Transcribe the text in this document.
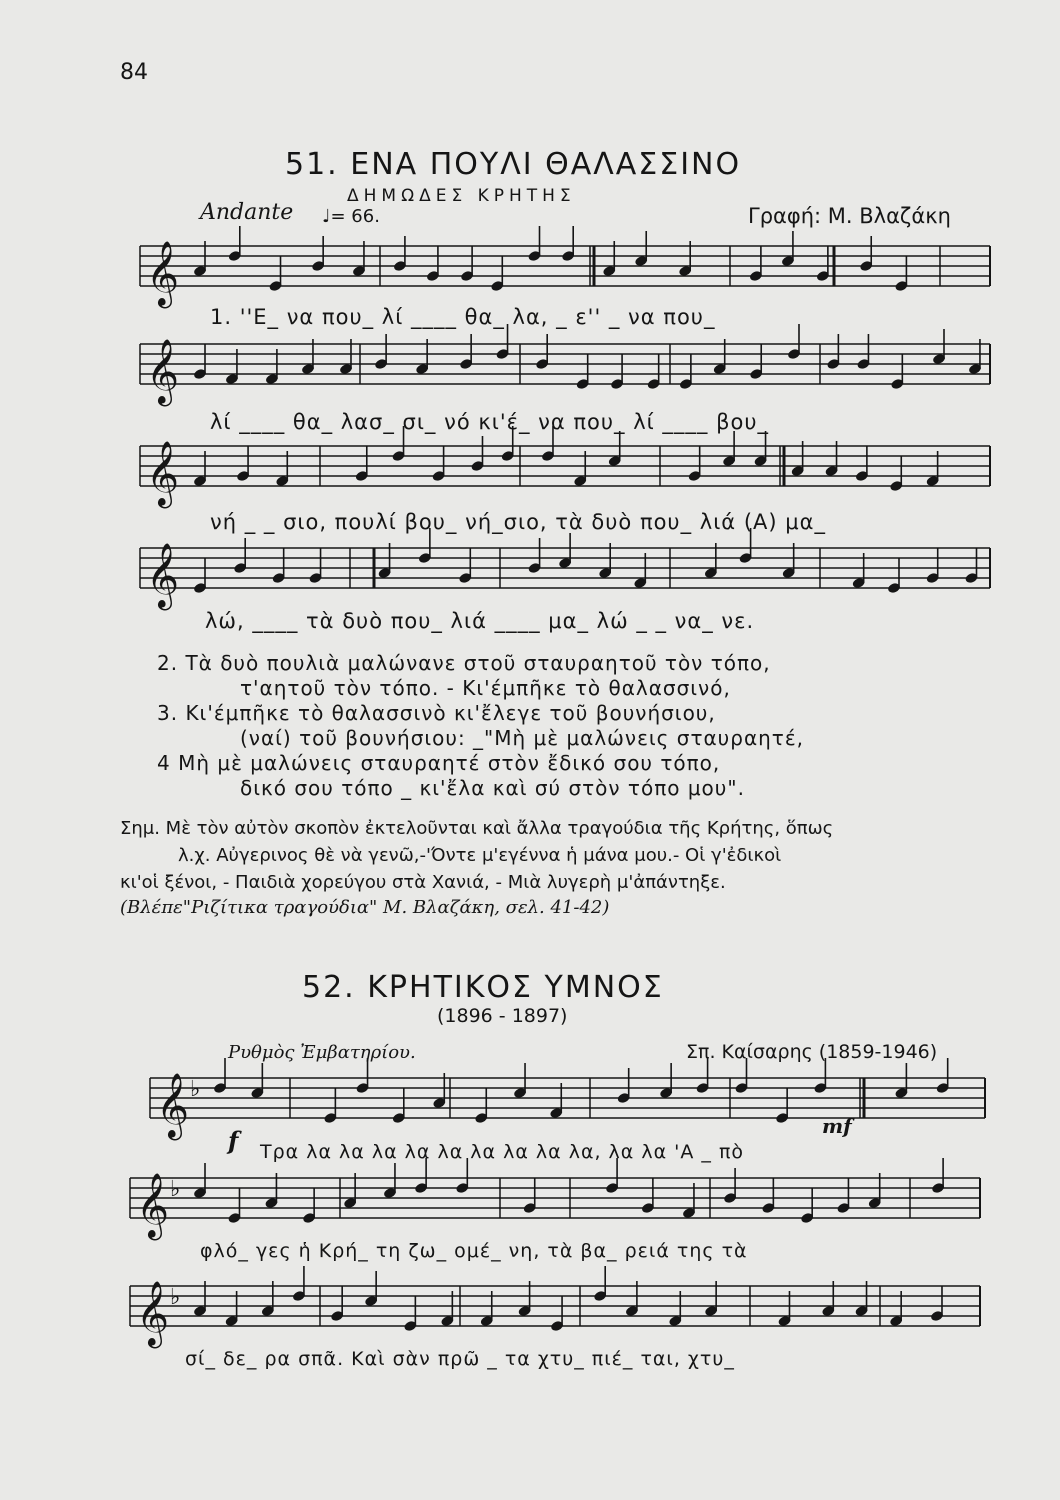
84
51. ΕΝΑ ΠΟΥΛΙ ΘΑΛΑΣΣΙΝΟ
ΔΗΜΩΔΕΣ ΚΡΗΤΗΣ
Andante ♩= 66.	Γραφή: Μ. Βλαζάκη
𝄞
1. ''Ε_ να που_ λί ____ θα_ λα, _ ε'' _ να που_
𝄞
λί ____ θα_ λασ_ σι_ νό κι'έ_ να που_ λί ____ βου_
𝄞
νή _ _ σιο, πουλί βου_ νή_σιο, τὰ δυὸ που_ λιά (Α) μα_
𝄞
λώ, ____ τὰ δυὸ που_ λιά ____ μα_ λώ _ _ να_ νε.
2. Τὰ δυὸ πουλιὰ μαλώνανε στοῦ σταυραητοῦ τὸν τόπο,
τ'αητοῦ τὸν τόπο. - Κι'έμπῆκε τὸ θαλασσινό,
3. Κι'έμπῆκε τὸ θαλασσινὸ κι'ἔλεγε τοῦ βουνήσιου,
(ναί) τοῦ βουνήσιου: _"Μὴ μὲ μαλώνεις σταυραητέ,
4 Μὴ μὲ μαλώνεις σταυραητέ στὸν ἔδικό σου τόπο,
δικό σου τόπο _ κι'ἔλα καὶ σύ στὸν τόπο μου".
Σημ. Μὲ τὸν αὐτὸν σκοπὸν ἐκτελοῦνται καὶ ἄλλα τραγούδια τῆς Κρήτης, ὅπως
λ.χ. Αὐγερινος θὲ νὰ γενῶ,-'Όντε μ'εγέννα ἡ μάνα μου.- Οἱ γ'ἐδικοὶ
κι'οἱ ξένοι, - Παιδιὰ χορεύγου στὰ Χανιά, - Μιὰ λυγερὴ μ'ἀπάντηξε.
(Βλέπε"Ριζίτικα τραγούδια" Μ. Βλαζάκη, σελ. 41-42)
52. ΚΡΗΤΙΚΟΣ ΥΜΝΟΣ
(1896 - 1897)
Ρυθμὸς Ἐμβατηρίου.	Σπ. Καίσαρης (1859-1946)
𝄞 ♭
f	mf
Τρα λα λα λα λα λα λα λα λα λα, λα λα 'Α _ πὸ
𝄞 ♭
φλό_ γες ἡ Κρή_ τη ζω_ ομέ_ νη, τὰ βα_ ρειά της τὰ
𝄞 ♭
σί_ δε_ ρα σπᾶ. Καὶ σὰν πρῶ _ τα χτυ_ πιέ_ ται, χτυ_
